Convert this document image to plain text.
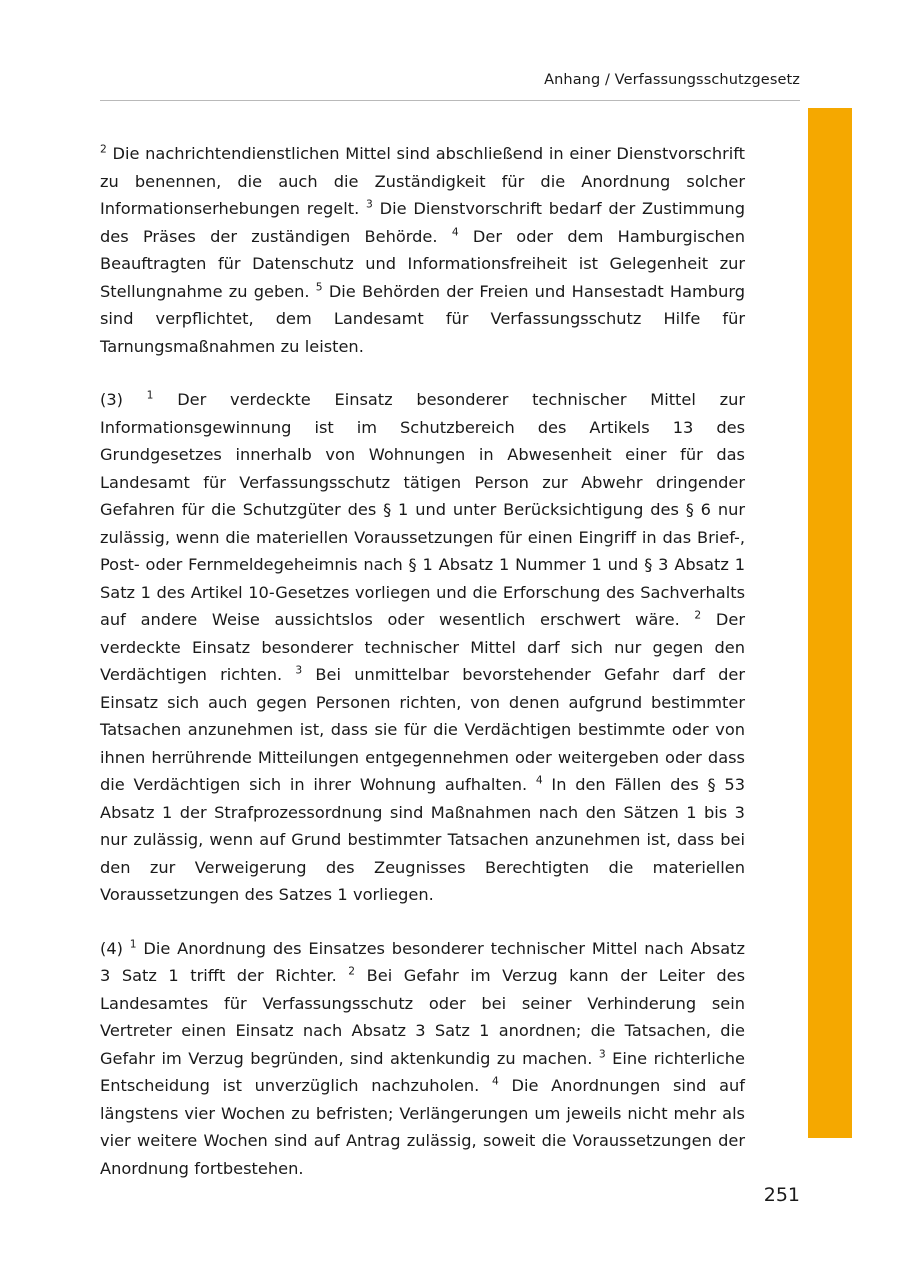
Anhang / Verfassungsschutzgesetz

$^2$ Die nachrichtendienstlichen Mittel sind abschließend in einer Dienstvorschrift zu benennen, die auch die Zuständigkeit für die Anordnung solcher Informationserhebungen regelt. $^3$ Die Dienstvorschrift bedarf der Zustimmung des Präses der zuständigen Behörde. $^4$ Der oder dem Hamburgischen Beauftragten für Datenschutz und Informationsfreiheit ist Gelegenheit zur Stellungnahme zu geben. $^5$ Die Behörden der Freien und Hansestadt Hamburg sind verpflichtet, dem Landesamt für Verfassungsschutz Hilfe für Tarnungsmaßnahmen zu leisten.

(3) $^1$ Der verdeckte Einsatz besonderer technischer Mittel zur Informationsgewinnung ist im Schutzbereich des Artikels 13 des Grundgesetzes innerhalb von Wohnungen in Abwesenheit einer für das Landesamt für Verfassungsschutz tätigen Person zur Abwehr dringender Gefahren für die Schutzgüter des § 1 und unter Berücksichtigung des § 6 nur zulässig, wenn die materiellen Voraussetzungen für einen Eingriff in das Brief-, Post- oder Fernmeldegeheimnis nach § 1 Absatz 1 Nummer 1 und § 3 Absatz 1 Satz 1 des Artikel 10-Gesetzes vorliegen und die Erforschung des Sachverhalts auf andere Weise aussichtslos oder wesentlich erschwert wäre. $^2$ Der verdeckte Einsatz besonderer technischer Mittel darf sich nur gegen den Verdächtigen richten. $^3$ Bei unmittelbar bevorstehender Gefahr darf der Einsatz sich auch gegen Personen richten, von denen aufgrund bestimmter Tatsachen anzunehmen ist, dass sie für die Verdächtigen bestimmte oder von ihnen herrührende Mitteilungen entgegennehmen oder weitergeben oder dass die Verdächtigen sich in ihrer Wohnung aufhalten. $^4$ In den Fällen des § 53 Absatz 1 der Strafprozessordnung sind Maßnahmen nach den Sätzen 1 bis 3 nur zulässig, wenn auf Grund bestimmter Tatsachen anzunehmen ist, dass bei den zur Verweigerung des Zeugnisses Berechtigten die materiellen Voraussetzungen des Satzes 1 vorliegen.

(4) $^1$ Die Anordnung des Einsatzes besonderer technischer Mittel nach Absatz 3 Satz 1 trifft der Richter. $^2$ Bei Gefahr im Verzug kann der Leiter des Landesamtes für Verfassungsschutz oder bei seiner Verhinderung sein Vertreter einen Einsatz nach Absatz 3 Satz 1 anordnen; die Tatsachen, die Gefahr im Verzug begründen, sind aktenkundig zu machen. $^3$ Eine richterliche Entscheidung ist unverzüglich nachzuholen. $^4$ Die Anordnungen sind auf längstens vier Wochen zu befristen; Verlängerungen um jeweils nicht mehr als vier weitere Wochen sind auf Antrag zulässig, soweit die Voraussetzungen der Anordnung fortbestehen.

251
